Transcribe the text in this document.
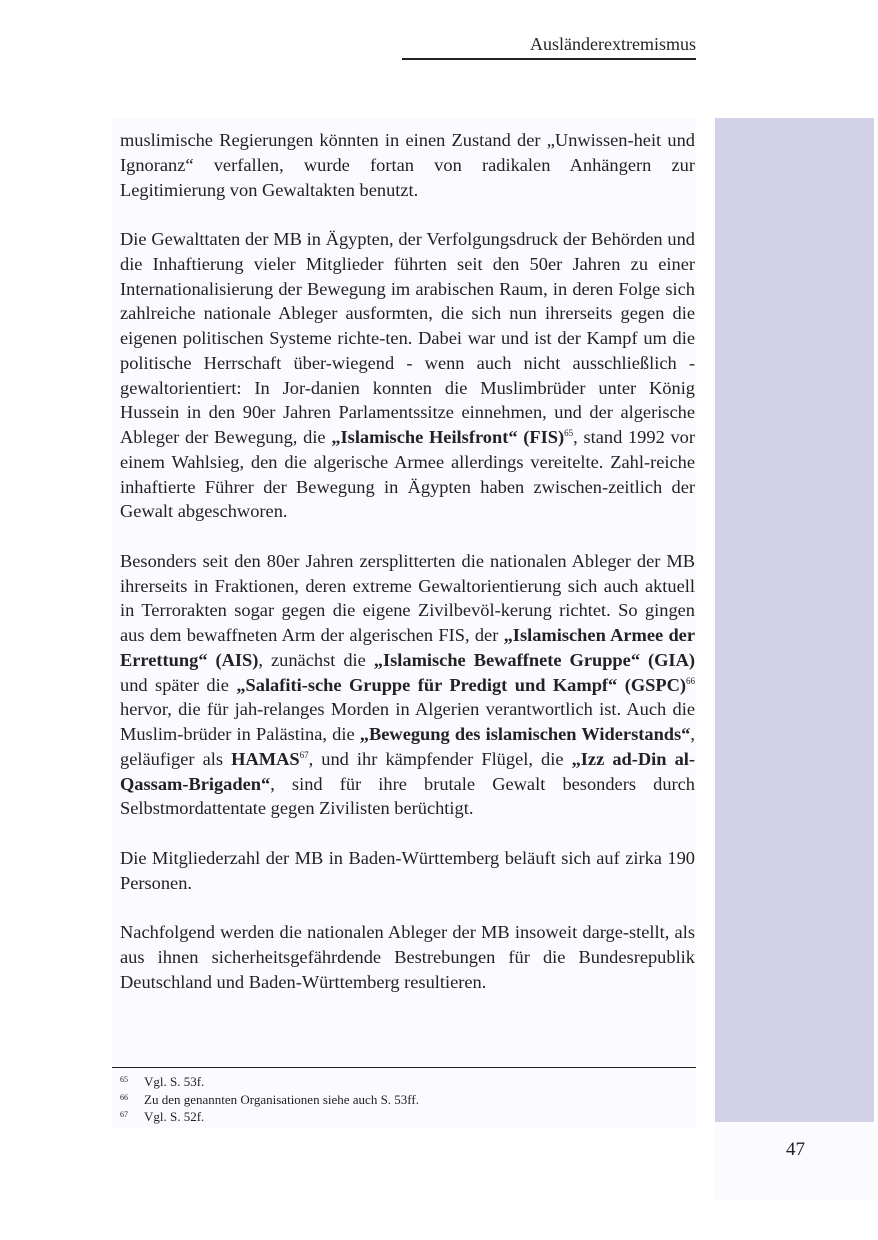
Ausländerextremismus
47

muslimische Regierungen könnten in einen Zustand der „Unwissen-heit und Ignoranz“ verfallen, wurde fortan von radikalen Anhängern zur Legitimierung von Gewaltakten benutzt.

Die Gewalttaten der MB in Ägypten, der Verfolgungsdruck der Behörden und die Inhaftierung vieler Mitglieder führten seit den 50er Jahren zu einer Internationalisierung der Bewegung im arabischen Raum, in deren Folge sich zahlreiche nationale Ableger ausformten, die sich nun ihrerseits gegen die eigenen politischen Systeme richte-ten. Dabei war und ist der Kampf um die politische Herrschaft über-wiegend - wenn auch nicht ausschließlich - gewaltorientiert: In Jor-danien konnten die Muslimbrüder unter König Hussein in den 90er Jahren Parlamentssitze einnehmen, und der algerische Ableger der Bewegung, die „Islamische Heilsfront“ (FIS)$^{65}$, stand 1992 vor einem Wahlsieg, den die algerische Armee allerdings vereitelte. Zahl-reiche inhaftierte Führer der Bewegung in Ägypten haben zwischen-zeitlich der Gewalt abgeschworen.

Besonders seit den 80er Jahren zersplitterten die nationalen Ableger der MB ihrerseits in Fraktionen, deren extreme Gewaltorientierung sich auch aktuell in Terrorakten sogar gegen die eigene Zivilbevöl-kerung richtet. So gingen aus dem bewaffneten Arm der algerischen FIS, der „Islamischen Armee der Errettung“ (AIS), zunächst die „Islamische Bewaffnete Gruppe“ (GIA) und später die „Salafiti-sche Gruppe für Predigt und Kampf“ (GSPC)$^{66}$ hervor, die für jah-relanges Morden in Algerien verantwortlich ist. Auch die Muslim-brüder in Palästina, die „Bewegung des islamischen Widerstands“, geläufiger als HAMAS$^{67}$, und ihr kämpfender Flügel, die „Izz ad-Din al-Qassam-Brigaden“, sind für ihre brutale Gewalt besonders durch Selbstmordattentate gegen Zivilisten berüchtigt.

Die Mitgliederzahl der MB in Baden-Württemberg beläuft sich auf zirka 190 Personen.

Nachfolgend werden die nationalen Ableger der MB insoweit darge-stellt, als aus ihnen sicherheitsgefährdende Bestrebungen für die Bundesrepublik Deutschland und Baden-Württemberg resultieren.

65	Vgl. S. 53f.
66	Zu den genannten Organisationen siehe auch S. 53ff.
67	Vgl. S. 52f.
